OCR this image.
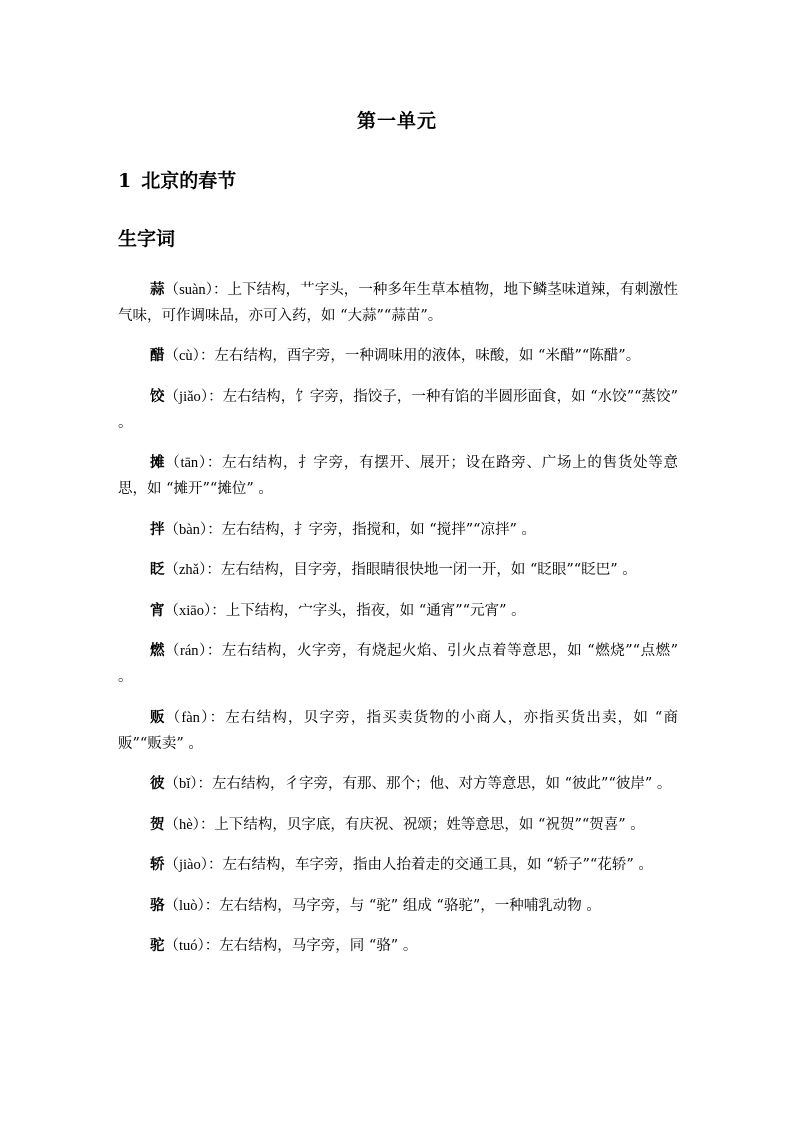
第一单元
1 北京的春节
生字词

蒜（suàn）：上下结构，艹字头，一种多年生草本植物，地下鳞茎味道辣，有刺激性气味，可作调味品，亦可入药，如 “大蒜”“蒜苗”。

醋（cù）：左右结构，酉字旁，一种调味用的液体，味酸，如 “米醋”“陈醋”。

饺（jiǎo）：左右结构，饣字旁，指饺子，一种有馅的半圆形面食，如 “水饺”“蒸饺” 。

摊（tān）：左右结构，扌字旁，有摆开、展开；设在路旁、广场上的售货处等意思，如 “摊开”“摊位” 。

拌（bàn）：左右结构，扌字旁，指搅和，如 “搅拌”“凉拌” 。

眨（zhǎ）：左右结构，目字旁，指眼睛很快地一闭一开，如 “眨眼”“眨巴” 。

宵（xiāo）：上下结构，宀字头，指夜，如 “通宵”“元宵” 。

燃（rán）：左右结构，火字旁，有烧起火焰、引火点着等意思，如 “燃烧”“点燃” 。

贩（fàn）：左右结构，贝字旁，指买卖货物的小商人，亦指买货出卖，如 “商贩”“贩卖” 。

彼（bǐ）：左右结构，彳字旁，有那、那个；他、对方等意思，如 “彼此”“彼岸” 。

贺（hè）：上下结构，贝字底，有庆祝、祝颂；姓等意思，如 “祝贺”“贺喜” 。

轿（jiào）：左右结构，车字旁，指由人抬着走的交通工具，如 “轿子”“花轿” 。

骆（luò）：左右结构，马字旁，与 “驼” 组成 “骆驼”，一种哺乳动物 。

驼（tuó）：左右结构，马字旁，同 “骆” 。
